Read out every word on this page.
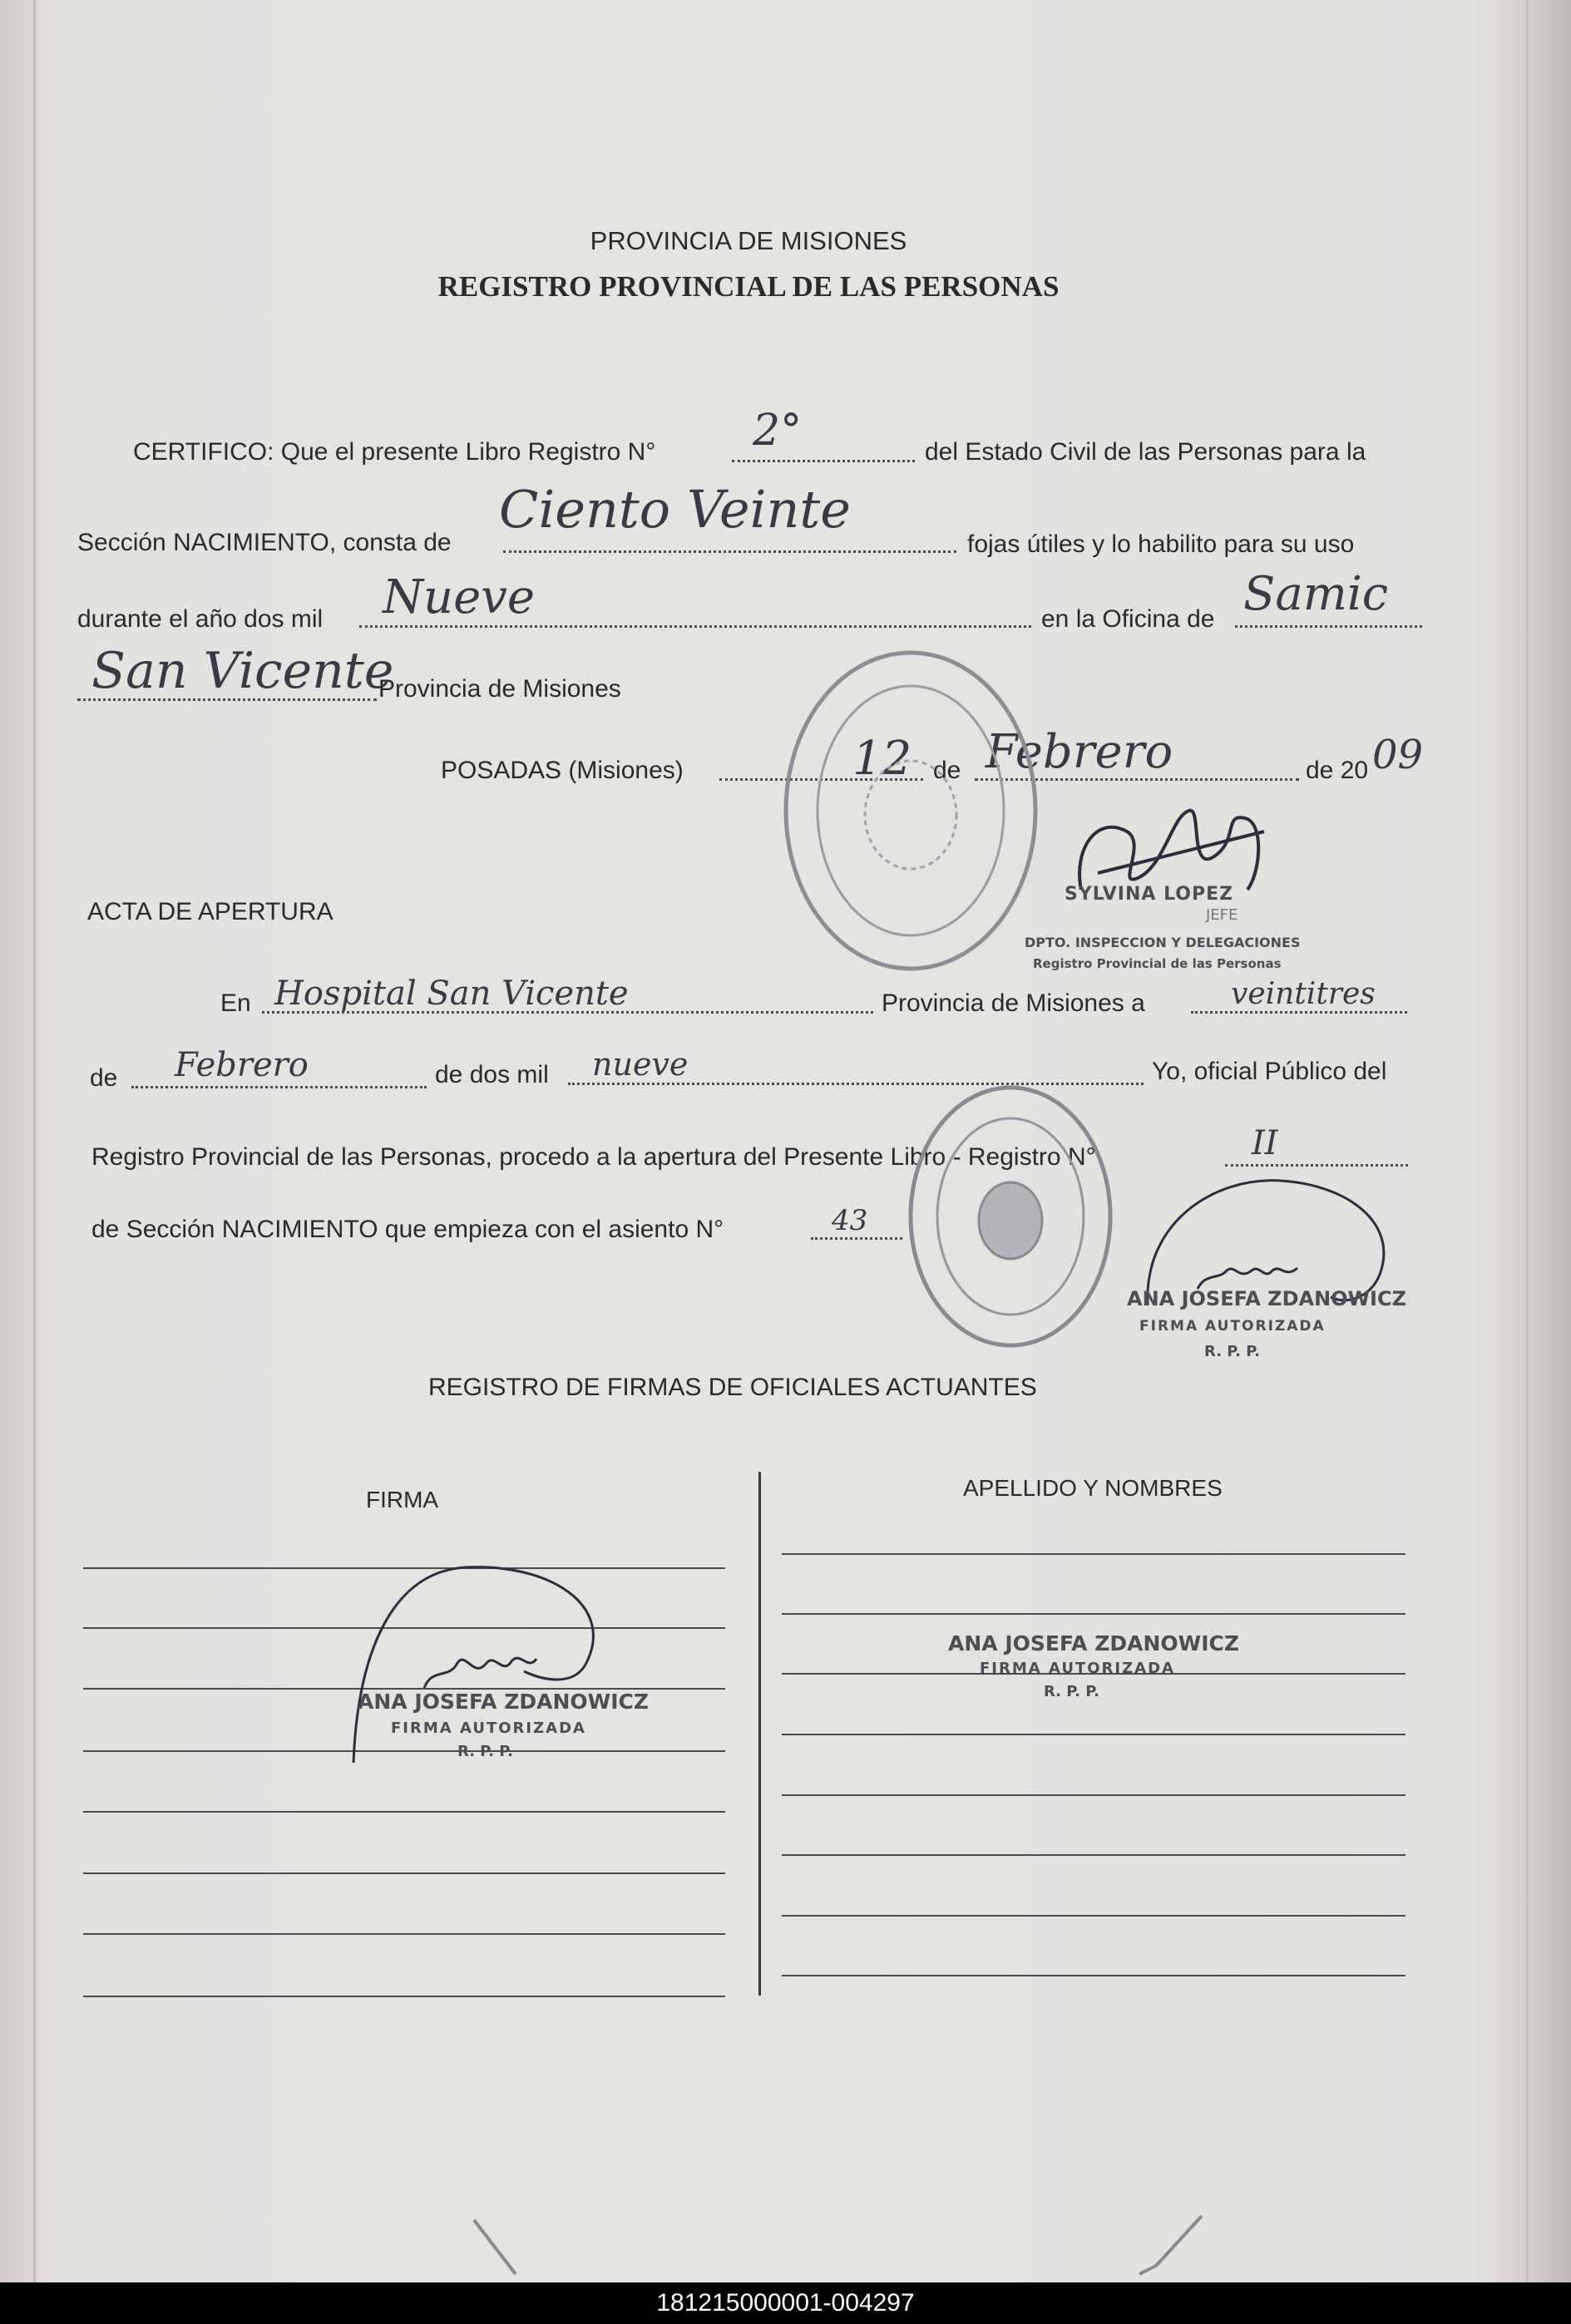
PROVINCIA DE MISIONES
REGISTRO PROVINCIAL DE LAS PERSONAS
CERTIFICO: Que el presente Libro Registro N° 2°	del Estado Civil de las Personas para la
Sección NACIMIENTO, consta de
Ciento Veinte
fojas útiles y lo habilito para su uso
durante el año dos mil Nueve	en la Oficina de Samic
San Vicente
Provincia de Misiones
POSADAS (Misiones)	12 de Febrero	de 20 09
ACTA DE APERTURA
En Hospital San Vicente	Provincia de Misiones a	veintitres
de Febrero	de dos mil nueve	Yo, oficial Público del
Registro Provincial de las Personas, procedo a la apertura del Presente Libro - Registro N°	II
de Sección NACIMIENTO que empieza con el asiento N°	43
SYLVINA LOPEZ
JEFE
DPTO. INSPECCION Y DELEGACIONES
Registro Provincial de las Personas
ANA JOSEFA ZDANOWICZ
FIRMA AUTORIZADA
R. P. P.
REGISTRO DE FIRMAS DE OFICIALES ACTUANTES
FIRMA	APELLIDO Y NOMBRES
ANA JOSEFA ZDANOWICZ
FIRMA AUTORIZADA
R. P. P.
ANA JOSEFA ZDANOWICZ
FIRMA AUTORIZADA
R. P. P.
181215000001-004297
